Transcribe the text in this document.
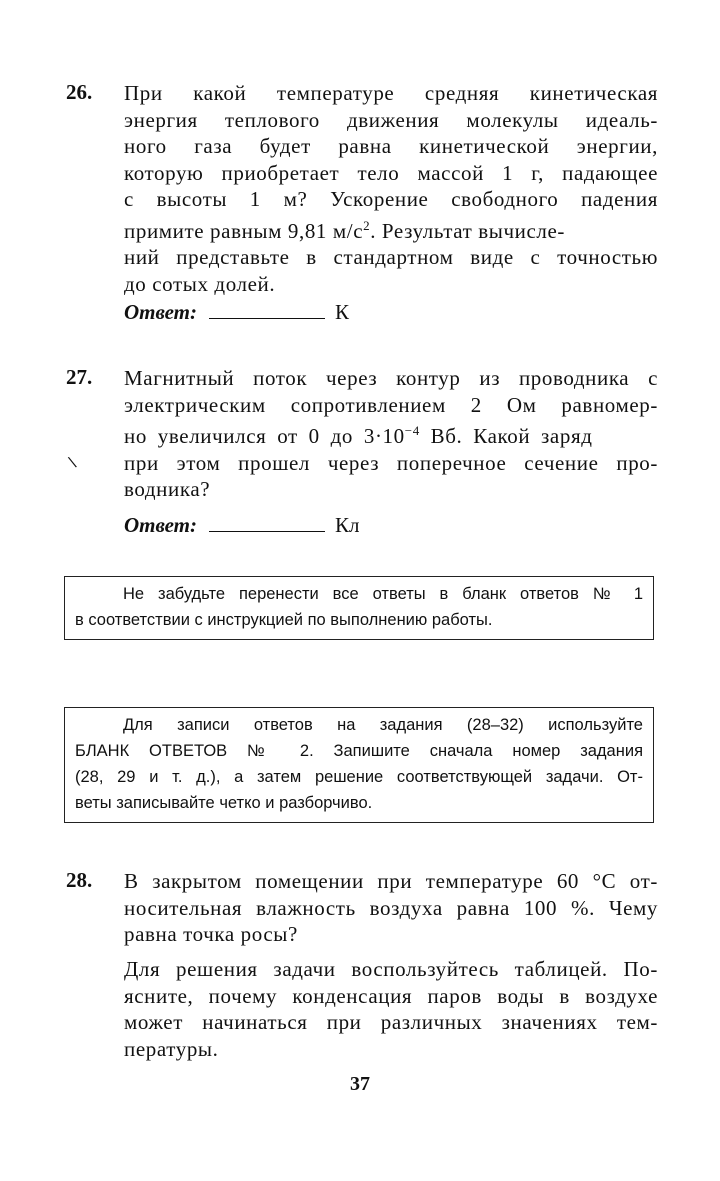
26. При какой температуре средняя кинетическая
энергия теплового движения молекулы идеаль-
ного газа будет равна кинетической энергии,
которую приобретает тело массой 1 г, падающее
с высоты 1 м? Ускорение свободного падения
примите равным 9,81 $м/с^2$. Результат вычисле-
ний представьте в стандартном виде с точностью
до сотых долей.
Ответ:	К
27. Магнитный поток через контур из проводника с
электрическим сопротивлением 2 Ом равномер-
но увеличился от 0 до $3\cdot 10^{-4}$ Вб. Какой заряд
при этом прошел через поперечное сечение про-
водника?
\
Ответ:	Кл
Не забудьте перенести все ответы в бланк ответов № 1
в соответствии с инструкцией по выполнению работы.
Для записи ответов на задания (28–32) используйте
БЛАНК ОТВЕТОВ № 2. Запишите сначала номер задания
(28, 29 и т. д.), а затем решение соответствующей задачи. От-
веты записывайте четко и разборчиво.
28. В закрытом помещении при температуре 60 °С от-
носительная влажность воздуха равна 100 %. Чему
равна точка росы?
Для решения задачи воспользуйтесь таблицей. По-
ясните, почему конденсация паров воды в воздухе
может начинаться при различных значениях тем-
пературы.
37
